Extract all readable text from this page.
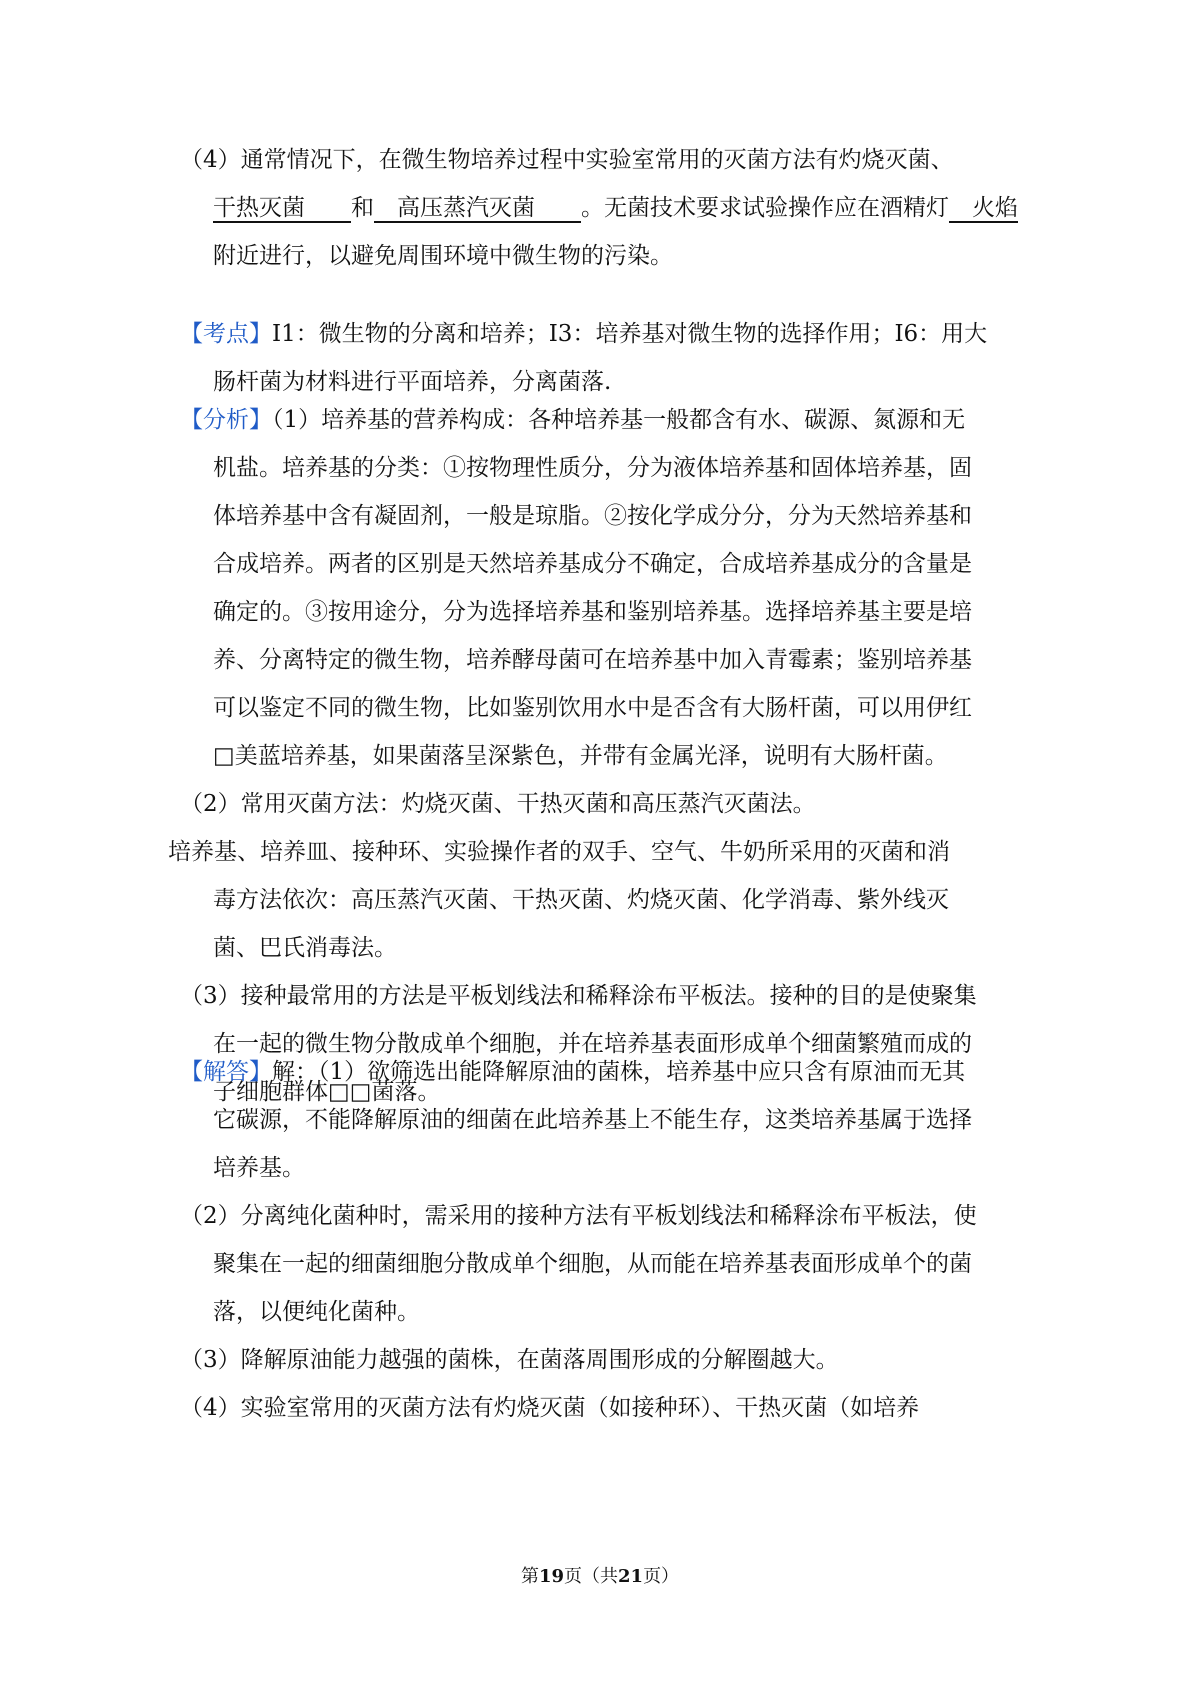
（4）通常情况下，在微生物培养过程中实验室常用的灭菌方法有灼烧灭菌、
干热灭菌　　 和　 高压蒸汽灭菌　　 。无菌技术要求试验操作应在酒精灯　 火焰
附近进行，以避免周围环境中微生物的污染。
【考点】I1：微生物的分离和培养；I3：培养基对微生物的选择作用；I6：用大
肠杆菌为材料进行平面培养，分离菌落.
【分析】（1）培养基的营养构成：各种培养基一般都含有水、碳源、氮源和无
机盐。培养基的分类：①按物理性质分，分为液体培养基和固体培养基，固
体培养基中含有凝固剂，一般是琼脂。②按化学成分分，分为天然培养基和
合成培养。两者的区别是天然培养基成分不确定，合成培养基成分的含量是
确定的。③按用途分，分为选择培养基和鉴别培养基。选择培养基主要是培
养、分离特定的微生物，培养酵母菌可在培养基中加入青霉素；鉴别培养基
可以鉴定不同的微生物，比如鉴别饮用水中是否含有大肠杆菌，可以用伊红
□美蓝培养基，如果菌落呈深紫色，并带有金属光泽，说明有大肠杆菌。
（2）常用灭菌方法：灼烧灭菌、干热灭菌和高压蒸汽灭菌法。
培养基、培养皿、接种环、实验操作者的双手、空气、牛奶所采用的灭菌和消
毒方法依次：高压蒸汽灭菌、干热灭菌、灼烧灭菌、化学消毒、紫外线灭
菌、巴氏消毒法。
（3）接种最常用的方法是平板划线法和稀释涂布平板法。接种的目的是使聚集
在一起的微生物分散成单个细胞，并在培养基表面形成单个细菌繁殖而成的
子细胞群体□□菌落。
【解答】解：（1）欲筛选出能降解原油的菌株，培养基中应只含有原油而无其
它碳源，不能降解原油的细菌在此培养基上不能生存，这类培养基属于选择
培养基。
（2）分离纯化菌种时，需采用的接种方法有平板划线法和稀释涂布平板法，使
聚集在一起的细菌细胞分散成单个细胞，从而能在培养基表面形成单个的菌
落，以便纯化菌种。
（3）降解原油能力越强的菌株，在菌落周围形成的分解圈越大。
（4）实验室常用的灭菌方法有灼烧灭菌（如接种环）、干热灭菌（如培养
第19页（共21页）
